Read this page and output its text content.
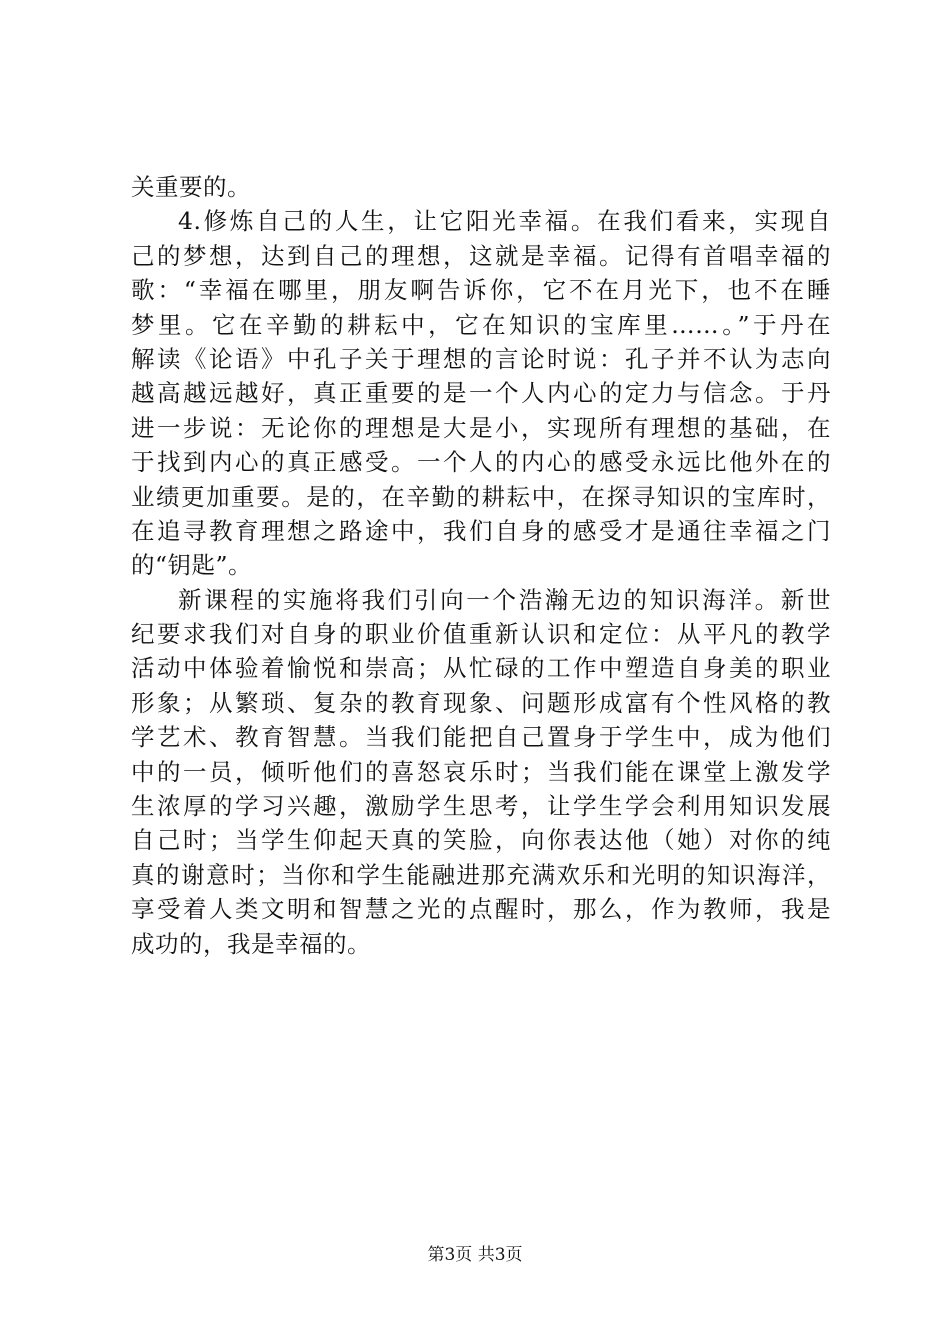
关重要的。
4.修炼自己的人生，让它阳光幸福。在我们看来，实现自
己的梦想，达到自己的理想，这就是幸福。记得有首唱幸福的
歌：“幸福在哪里，朋友啊告诉你，它不在月光下，也不在睡
梦里。它在辛勤的耕耘中，它在知识的宝库里……。”于丹在
解读《论语》中孔子关于理想的言论时说：孔子并不认为志向
越高越远越好，真正重要的是一个人内心的定力与信念。于丹
进一步说：无论你的理想是大是小，实现所有理想的基础，在
于找到内心的真正感受。一个人的内心的感受永远比他外在的
业绩更加重要。是的，在辛勤的耕耘中，在探寻知识的宝库时，
在追寻教育理想之路途中，我们自身的感受才是通往幸福之门
的“钥匙”。
新课程的实施将我们引向一个浩瀚无边的知识海洋。新世
纪要求我们对自身的职业价值重新认识和定位：从平凡的教学
活动中体验着愉悦和崇高；从忙碌的工作中塑造自身美的职业
形象；从繁琐、复杂的教育现象、问题形成富有个性风格的教
学艺术、教育智慧。当我们能把自己置身于学生中，成为他们
中的一员，倾听他们的喜怒哀乐时；当我们能在课堂上激发学
生浓厚的学习兴趣，激励学生思考，让学生学会利用知识发展
自己时；当学生仰起天真的笑脸，向你表达他（她）对你的纯
真的谢意时；当你和学生能融进那充满欢乐和光明的知识海洋，
享受着人类文明和智慧之光的点醒时，那么，作为教师，我是
成功的，我是幸福的。
第3页 共3页
